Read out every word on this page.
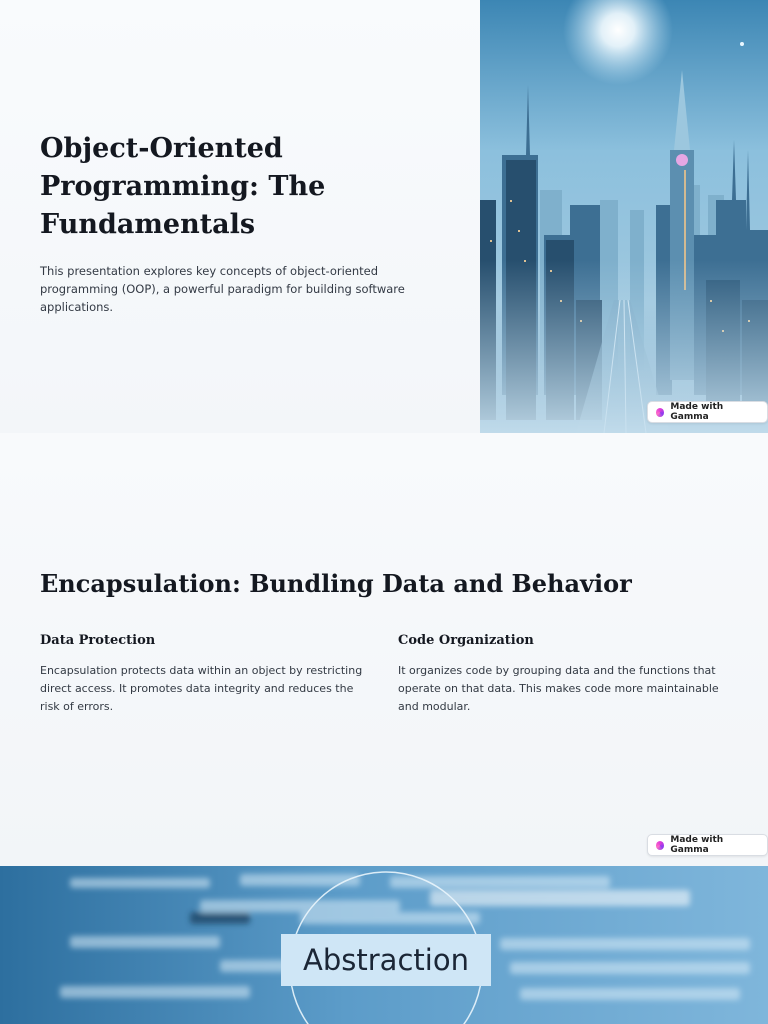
Object-Oriented Programming: The Fundamentals

This presentation explores key concepts of object-oriented programming (OOP), a powerful paradigm for building software applications.

Made with Gamma
Encapsulation: Bundling Data and Behavior
Data Protection

Encapsulation protects data within an object by restricting direct access. It promotes data integrity and reduces the risk of errors.

Code Organization

It organizes code by grouping data and the functions that operate on that data. This makes code more maintainable and modular.

Made with Gamma
Abstraction
